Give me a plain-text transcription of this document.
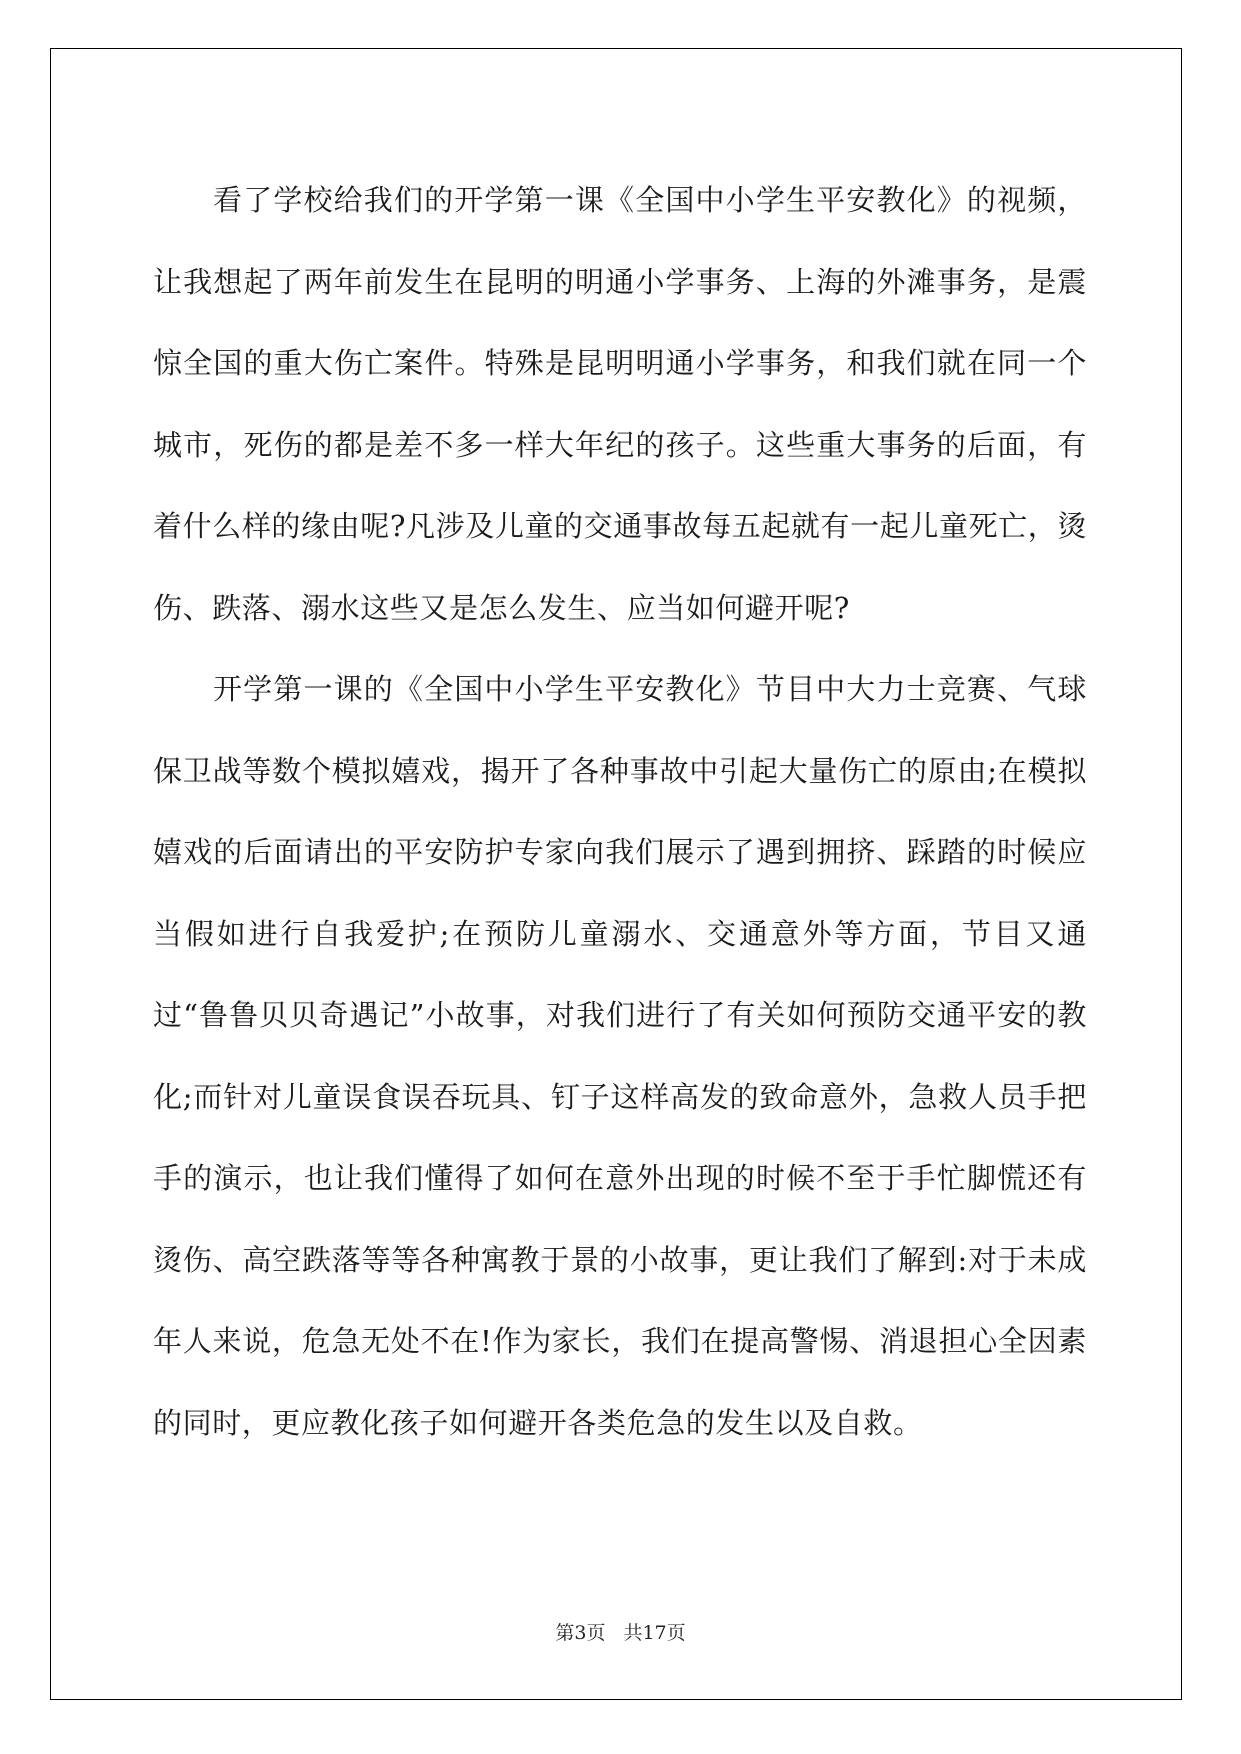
看了学校给我们的开学第一课《全国中小学生平安教化》的视频，让我想起了两年前发生在昆明的明通小学事务、上海的外滩事务，是震惊全国的重大伤亡案件。特殊是昆明明通小学事务，和我们就在同一个城市，死伤的都是差不多一样大年纪的孩子。这些重大事务的后面，有着什么样的缘由呢?凡涉及儿童的交通事故每五起就有一起儿童死亡，烫伤、跌落、溺水这些又是怎么发生、应当如何避开呢?

开学第一课的《全国中小学生平安教化》节目中大力士竞赛、气球保卫战等数个模拟嬉戏，揭开了各种事故中引起大量伤亡的原由;在模拟嬉戏的后面请出的平安防护专家向我们展示了遇到拥挤、踩踏的时候应当假如进行自我爱护;在预防儿童溺水、交通意外等方面，节目又通过“鲁鲁贝贝奇遇记”小故事，对我们进行了有关如何预防交通平安的教化;而针对儿童误食误吞玩具、钉子这样高发的致命意外，急救人员手把手的演示，也让我们懂得了如何在意外出现的时候不至于手忙脚慌还有烫伤、高空跌落等等各种寓教于景的小故事，更让我们了解到:对于未成年人来说，危急无处不在!作为家长，我们在提高警惕、消退担心全因素的同时，更应教化孩子如何避开各类危急的发生以及自救。

第3页 共17页
